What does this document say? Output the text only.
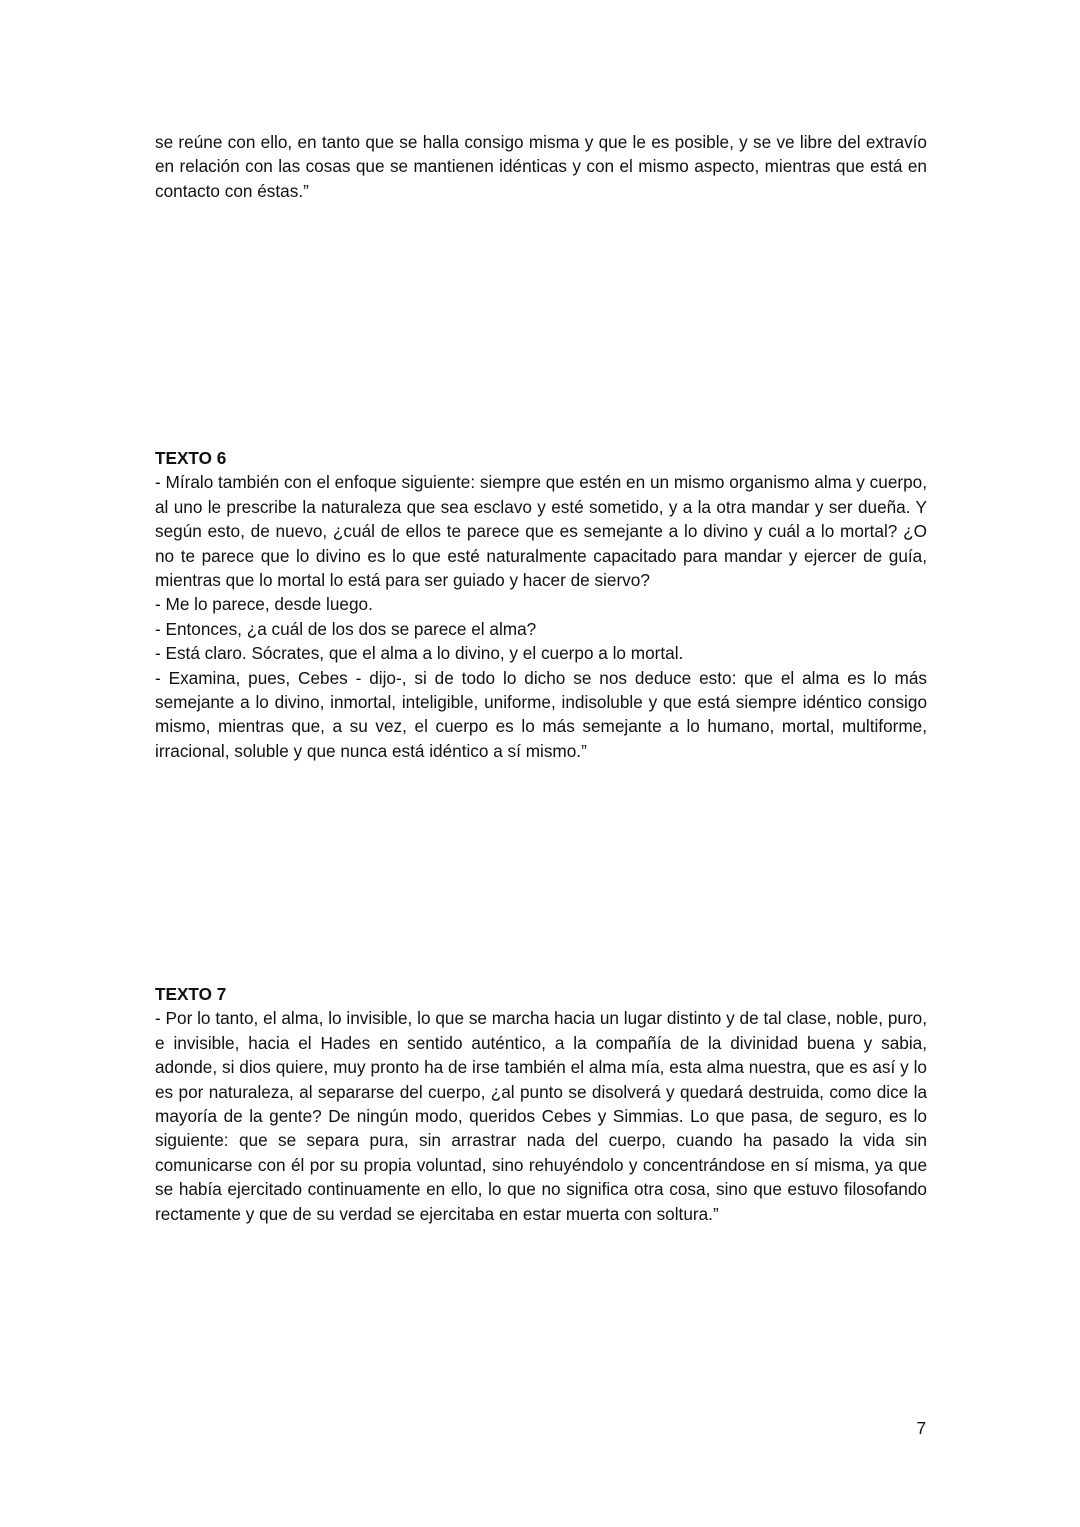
se reúne con ello, en tanto que se halla consigo misma y que le es posible, y se ve libre del extravío en relación con las cosas que se mantienen idénticas y con el mismo aspecto, mientras que está en contacto con éstas.”

TEXTO 6

- Míralo también con el enfoque siguiente: siempre que estén en un mismo organismo alma y cuerpo, al uno le prescribe la naturaleza que sea esclavo y esté sometido, y a la otra mandar y ser dueña. Y según esto, de nuevo, ¿cuál de ellos te parece que es semejante a lo divino y cuál a lo mortal? ¿O no te parece que lo divino es lo que esté naturalmente capacitado para mandar y ejercer de guía, mientras que lo mortal lo está para ser guiado y hacer de siervo?

- Me lo parece, desde luego.

- Entonces, ¿a cuál de los dos se parece el alma?

- Está claro. Sócrates, que el alma a lo divino, y el cuerpo a lo mortal.

- Examina, pues, Cebes - dijo-, si de todo lo dicho se nos deduce esto: que el alma es lo más semejante a lo divino, inmortal, inteligible, uniforme, indisoluble y que está siempre idéntico consigo mismo, mientras que, a su vez, el cuerpo es lo más semejante a lo humano, mortal, multiforme, irracional, soluble y que nunca está idéntico a sí mismo.”

TEXTO 7

- Por lo tanto, el alma, lo invisible, lo que se marcha hacia un lugar distinto y de tal clase, noble, puro, e invisible, hacia el Hades en sentido auténtico, a la compañía de la divinidad buena y sabia, adonde, si dios quiere, muy pronto ha de irse también el alma mía, esta alma nuestra, que es así y lo es por naturaleza, al separarse del cuerpo, ¿al punto se disolverá y quedará destruida, como dice la mayoría de la gente? De ningún modo, queridos Cebes y Simmias. Lo que pasa, de seguro, es lo siguiente: que se separa pura, sin arrastrar nada del cuerpo, cuando ha pasado la vida sin comunicarse con él por su propia voluntad, sino rehuyéndolo y concentrándose en sí misma, ya que se había ejercitado continuamente en ello, lo que no significa otra cosa, sino que estuvo filosofando rectamente y que de su verdad se ejercitaba en estar muerta con soltura.”

7
